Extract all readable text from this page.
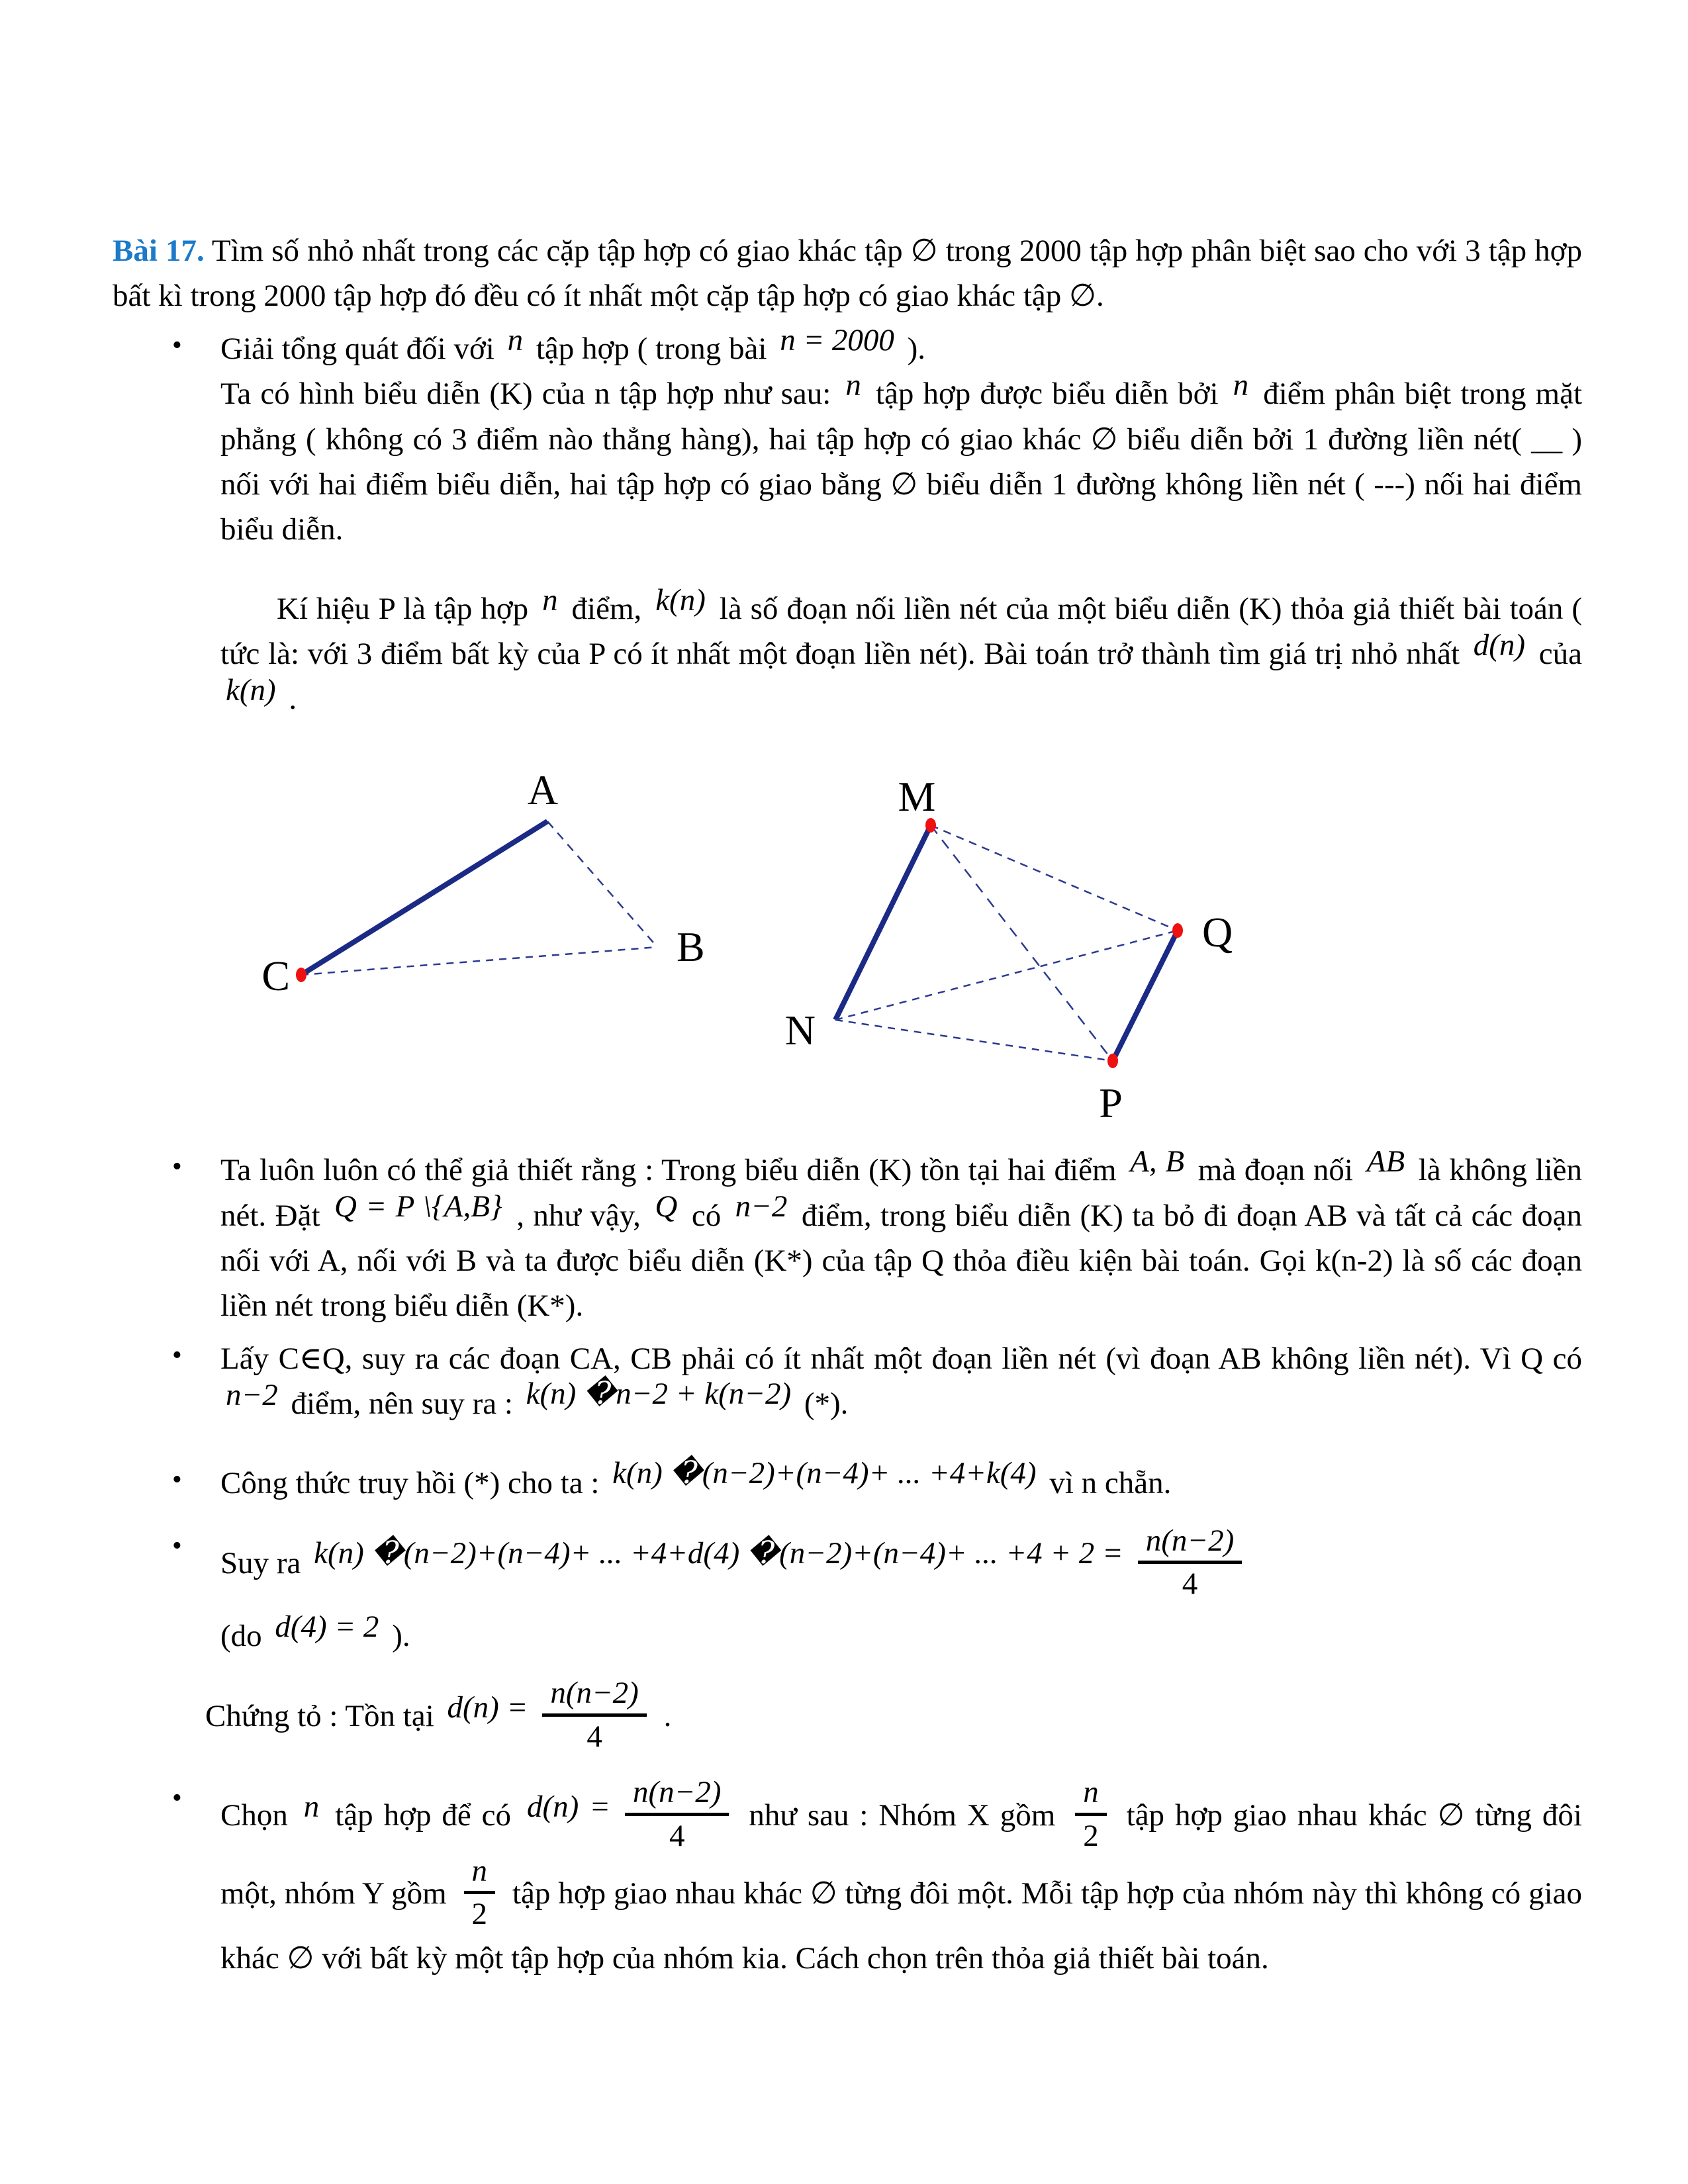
Bài 17. Tìm số nhỏ nhất trong các cặp tập hợp có giao khác tập ∅ trong 2000 tập hợp phân biệt sao cho với 3 tập hợp bất kì trong 2000 tập hợp đó đều có ít nhất một cặp tập hợp có giao khác tập ∅.
• Giải tổng quát đối với n tập hợp ( trong bài n = 2000 ).
Ta có hình biểu diễn (K) của n tập hợp như sau: n tập hợp được biểu diễn bởi n điểm phân biệt trong mặt phẳng ( không có 3 điểm nào thẳng hàng), hai tập hợp có giao khác ∅ biểu diễn bởi 1 đường liền nét( __ ) nối với hai điểm biểu diễn, hai tập hợp có giao bằng ∅ biểu diễn 1 đường không liền nét ( ---) nối hai điểm biểu diễn.
Kí hiệu P là tập hợp n điểm, k(n) là số đoạn nối liền nét của một biểu diễn (K) thỏa giả thiết bài toán ( tức là: với 3 điểm bất kỳ của P có ít nhất một đoạn liền nét). Bài toán trở thành tìm giá trị nhỏ nhất d(n) của k(n) .
A
B
C
M
Q
N
P
• Ta luôn luôn có thể giả thiết rằng : Trong biểu diễn (K) tồn tại hai điểm A, B mà đoạn nối AB là không liền nét. Đặt Q = P \{A,B} , như vậy, Q có n−2 điểm, trong biểu diễn (K) ta bỏ đi đoạn AB và tất cả các đoạn nối với A, nối với B và ta được biểu diễn (K*) của tập Q thỏa điều kiện bài toán. Gọi k(n-2) là số các đoạn liền nét trong biểu diễn (K*).
• Lấy C∈Q, suy ra các đoạn CA, CB phải có ít nhất một đoạn liền nét (vì đoạn AB không liền nét). Vì Q có n−2 điểm, nên suy ra : k(n) �n−2 + k(n−2) (*).
• Công thức truy hồi (*) cho ta : k(n) �(n−2)+(n−4)+ ... +4+k(4) vì n chẵn.
•
Suy ra k(n) �(n−2)+(n−4)+ ... +4+d(4) �(n−2)+(n−4)+ ... $+4 + 2 = \frac{n(n-2)}{4}$
(do d(4) = 2 ).
Chứng tỏ : Tồn tại $d(n) = \frac{n(n-2)}{4}$ .
•
Chọn n tập hợp để có $d(n) = \frac{n(n-2)}{4}$ như sau : Nhóm X gồm $\frac{n}{2}$ tập hợp giao nhau khác ∅ từng đôi một, nhóm Y gồm $\frac{n}{2}$ tập hợp giao nhau khác ∅ từng đôi một. Mỗi tập hợp của nhóm này thì không có giao khác ∅ với bất kỳ một tập hợp của nhóm kia. Cách chọn trên thỏa giả thiết bài toán.
